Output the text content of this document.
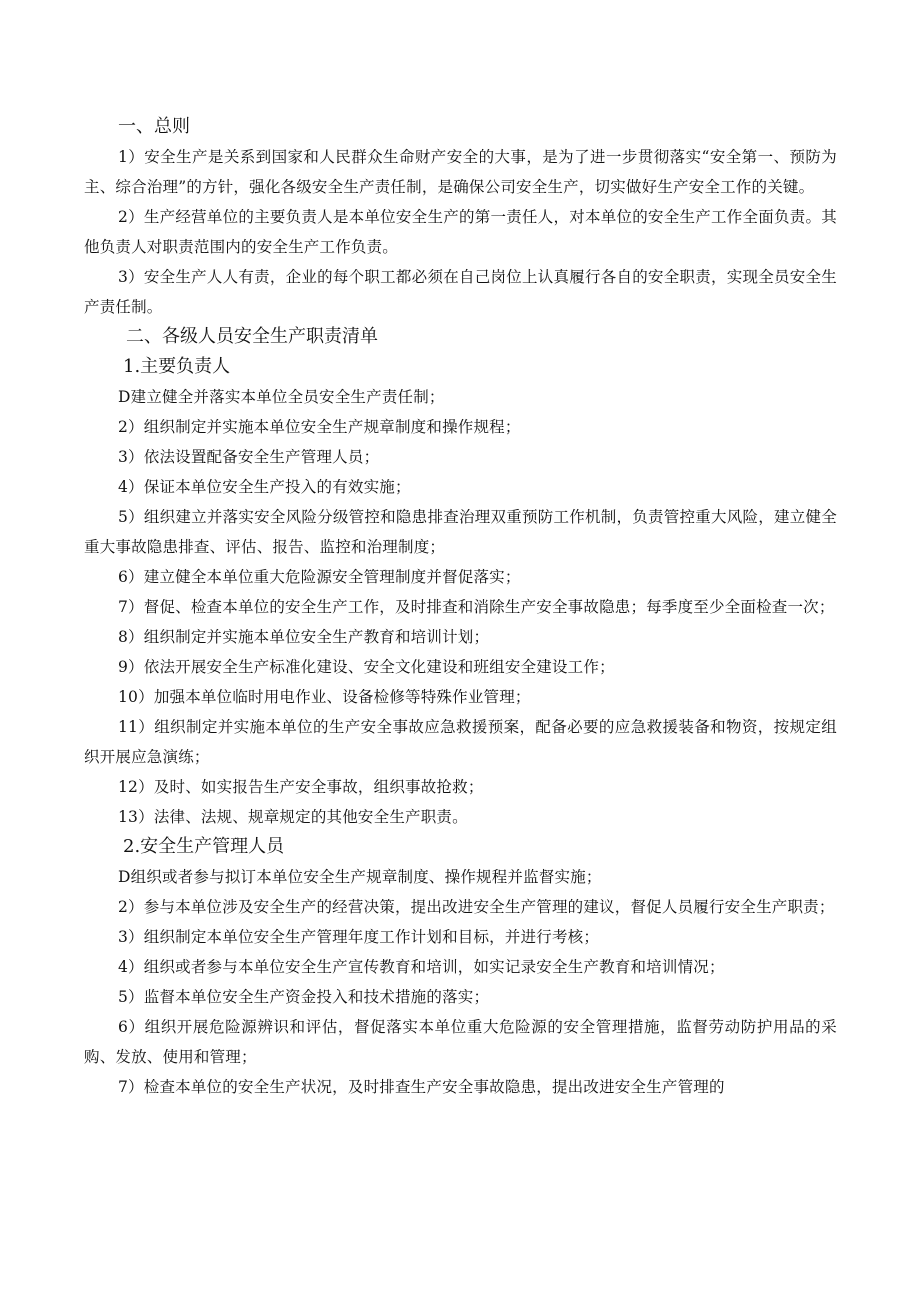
一、总则

1）安全生产是关系到国家和人民群众生命财产安全的大事，是为了进一步贯彻落实“安全第一、预防为主、综合治理”的方针，强化各级安全生产责任制，是确保公司安全生产，切实做好生产安全工作的关键。

2）生产经营单位的主要负责人是本单位安全生产的第一责任人，对本单位的安全生产工作全面负责。其他负责人对职责范围内的安全生产工作负责。

3）安全生产人人有责，企业的每个职工都必须在自己岗位上认真履行各自的安全职责，实现全员安全生产责任制。

二、各级人员安全生产职责清单
1.主要负责人

D建立健全并落实本单位全员安全生产责任制；

2）组织制定并实施本单位安全生产规章制度和操作规程；

3）依法设置配备安全生产管理人员；

4）保证本单位安全生产投入的有效实施；

5）组织建立并落实安全风险分级管控和隐患排查治理双重预防工作机制，负责管控重大风险，建立健全重大事故隐患排查、评估、报告、监控和治理制度；

6）建立健全本单位重大危险源安全管理制度并督促落实；

7）督促、检查本单位的安全生产工作，及时排查和消除生产安全事故隐患；每季度至少全面检查一次；

8）组织制定并实施本单位安全生产教育和培训计划；

9）依法开展安全生产标准化建设、安全文化建设和班组安全建设工作；

10）加强本单位临时用电作业、设备检修等特殊作业管理；

11）组织制定并实施本单位的生产安全事故应急救援预案，配备必要的应急救援装备和物资，按规定组织开展应急演练；

12）及时、如实报告生产安全事故，组织事故抢救；

13）法律、法规、规章规定的其他安全生产职责。

2.安全生产管理人员

D组织或者参与拟订本单位安全生产规章制度、操作规程并监督实施；

2）参与本单位涉及安全生产的经营决策，提出改进安全生产管理的建议，督促人员履行安全生产职责；

3）组织制定本单位安全生产管理年度工作计划和目标，并进行考核；

4）组织或者参与本单位安全生产宣传教育和培训，如实记录安全生产教育和培训情况；

5）监督本单位安全生产资金投入和技术措施的落实；

6）组织开展危险源辨识和评估，督促落实本单位重大危险源的安全管理措施，监督劳动防护用品的采购、发放、使用和管理；

7）检查本单位的安全生产状况，及时排查生产安全事故隐患，提出改进安全生产管理的
